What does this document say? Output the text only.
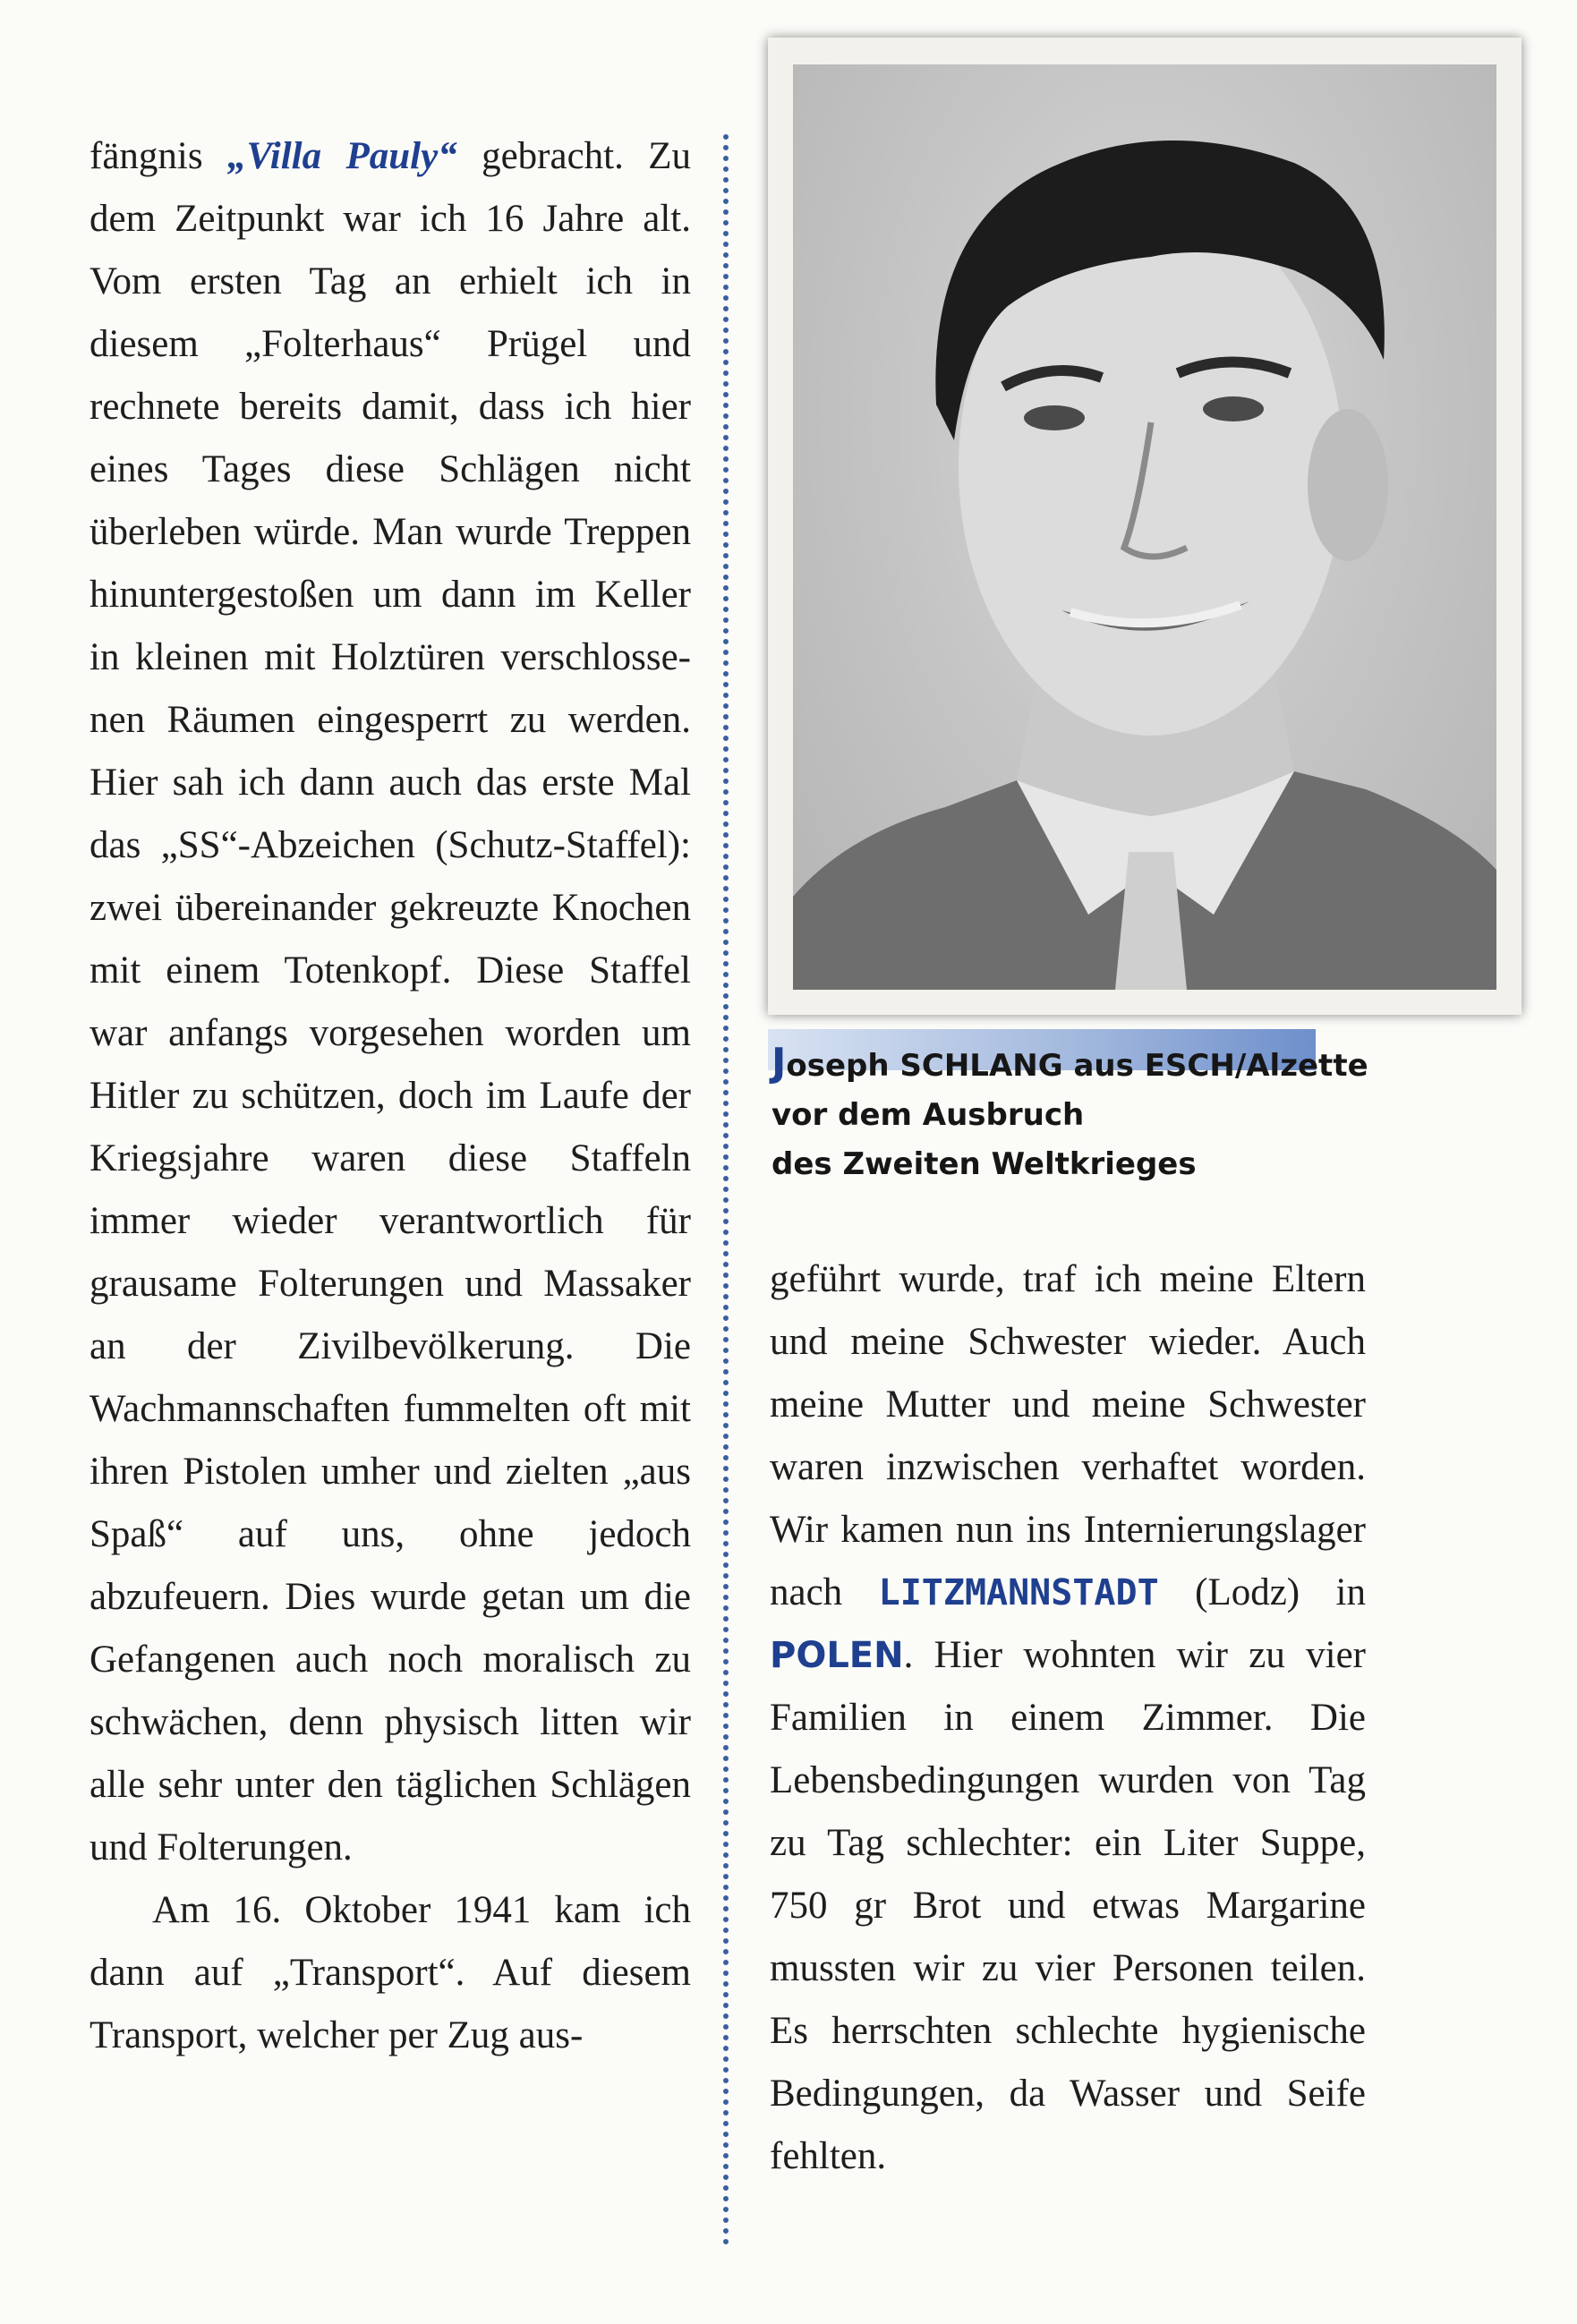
fängnis „Villa Pauly“ gebracht. Zu dem Zeitpunkt war ich 16 Jahre alt. Vom ersten Tag an erhielt ich in diesem „Folterhaus“ Prügel und rechnete bereits damit, dass ich hier eines Tages diese Schlägen nicht überleben würde. Man wurde Treppen hinuntergestoßen um dann im Keller in kleinen mit Holztüren verschlossenen Räumen eingesperrt zu werden. Hier sah ich dann auch das erste Mal das „SS“-Abzeichen (Schutz-Staffel): zwei übereinander gekreuzte Knochen mit einem Totenkopf. Diese Staffel war anfangs vorgesehen worden um Hitler zu schützen, doch im Laufe der Kriegsjahre waren diese Staffeln immer wieder verantwortlich für grausame Folterungen und Massaker an der Zivilbevölkerung. Die Wachmannschaften fummelten oft mit ihren Pistolen umher und zielten „aus Spaß“ auf uns, ohne jedoch abzufeuern. Dies wurde getan um die Gefangenen auch noch moralisch zu schwächen, denn physisch litten wir alle sehr unter den täglichen Schlägen und Folterungen.

Am 16. Oktober 1941 kam ich dann auf „Transport“. Auf diesem Transport, welcher per Zug aus-

Joseph SCHLANG aus ESCH/Alzette
vor dem Ausbruch
des Zweiten Weltkrieges

geführt wurde, traf ich meine Eltern und meine Schwester wieder. Auch meine Mutter und meine Schwester waren inzwischen verhaftet worden. Wir kamen nun ins Internierungslager nach LITZMANNSTADT (Lodz) in POLEN. Hier wohnten wir zu vier Familien in einem Zimmer. Die Lebensbedingungen wurden von Tag zu Tag schlechter: ein Liter Suppe, 750 gr Brot und etwas Margarine mussten wir zu vier Personen teilen. Es herrschten schlechte hygienische Bedingungen, da Wasser und Seife fehlten.
